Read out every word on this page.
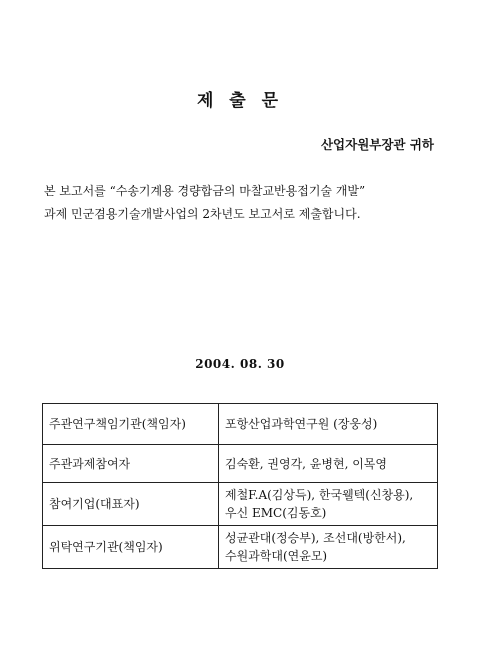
제 출 문
산업자원부장관 귀하

본 보고서를 “수송기계용 경량합금의 마찰교반용접기술 개발”

과제 민군겸용기술개발사업의 2차년도 보고서로 제출합니다.

2004. 08. 30
주관연구책임기관(책임자)	포항산업과학연구원 (장웅성)

주관과제참여자	김숙환, 권영각, 윤병현, 이목영

참여기업(대표자)	제철F.A(김상득), 한국웰텍(신창용),
우신 EMC(김동호)

위탁연구기관(책임자)	성균관대(정승부), 조선대(방한서),
수원과학대(연윤모)
